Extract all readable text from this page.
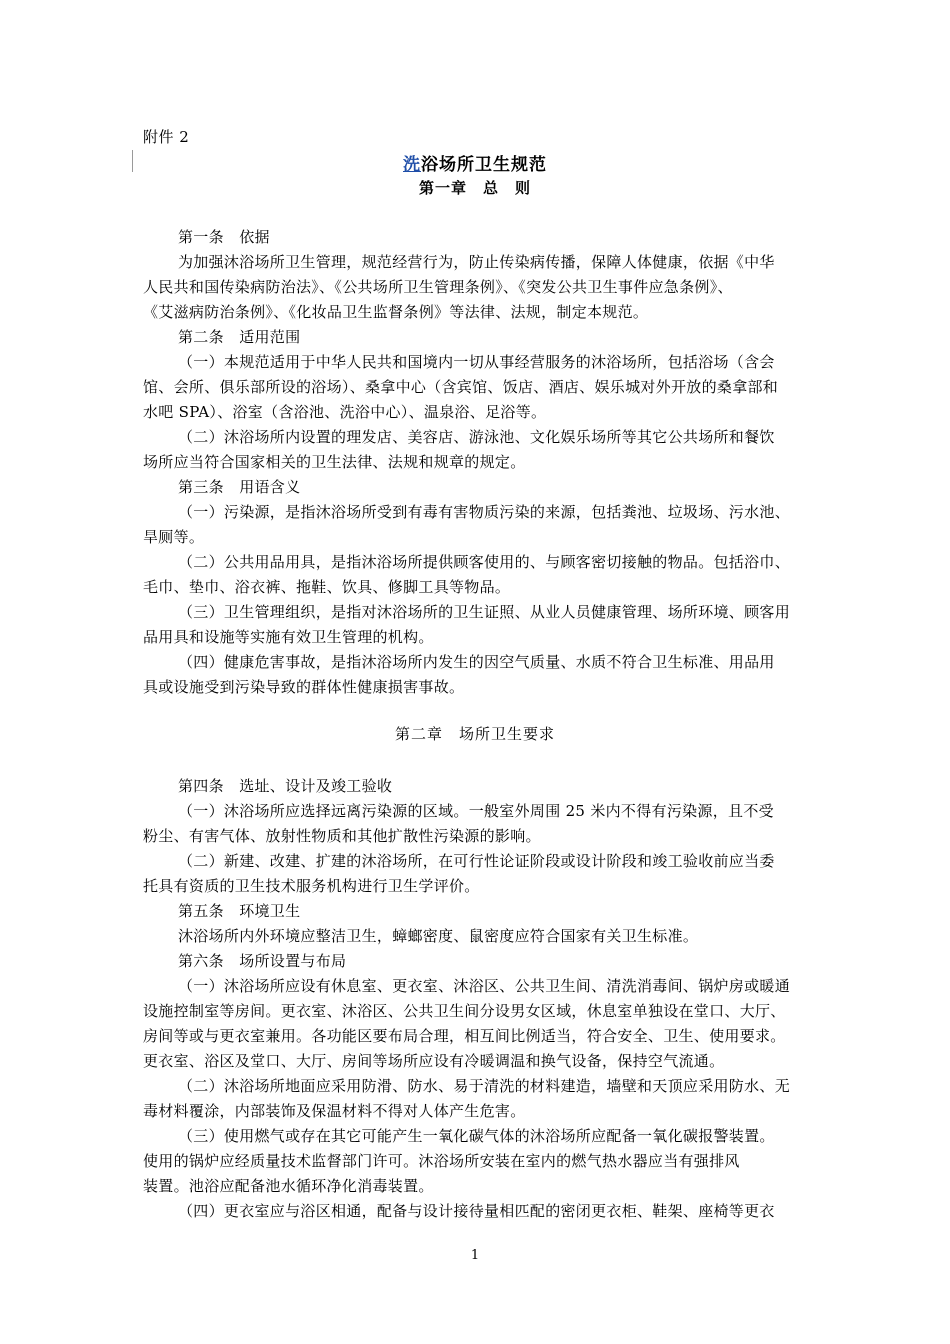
附件 2
洗浴场所卫生规范
第一章　总　则
第一条　依据
为加强沐浴场所卫生管理，规范经营行为，防止传染病传播，保障人体健康，依据《中华
人民共和国传染病防治法》、《公共场所卫生管理条例》、《突发公共卫生事件应急条例》、
《艾滋病防治条例》、《化妆品卫生监督条例》等法律、法规，制定本规范。
第二条　适用范围
（一）本规范适用于中华人民共和国境内一切从事经营服务的沐浴场所，包括浴场（含会
馆、会所、俱乐部所设的浴场）、桑拿中心（含宾馆、饭店、酒店、娱乐城对外开放的桑拿部和
水吧 SPA）、浴室（含浴池、洗浴中心）、温泉浴、足浴等。
（二）沐浴场所内设置的理发店、美容店、游泳池、文化娱乐场所等其它公共场所和餐饮
场所应当符合国家相关的卫生法律、法规和规章的规定。
第三条　用语含义
（一）污染源，是指沐浴场所受到有毒有害物质污染的来源，包括粪池、垃圾场、污水池、
旱厕等。
（二）公共用品用具，是指沐浴场所提供顾客使用的、与顾客密切接触的物品。包括浴巾、
毛巾、垫巾、浴衣裤、拖鞋、饮具、修脚工具等物品。
（三）卫生管理组织，是指对沐浴场所的卫生证照、从业人员健康管理、场所环境、顾客用
品用具和设施等实施有效卫生管理的机构。
（四）健康危害事故，是指沐浴场所内发生的因空气质量、水质不符合卫生标准、用品用
具或设施受到污染导致的群体性健康损害事故。
第二章　场所卫生要求
第四条　选址、设计及竣工验收
（一）沐浴场所应选择远离污染源的区域。一般室外周围 25 米内不得有污染源，且不受
粉尘、有害气体、放射性物质和其他扩散性污染源的影响。
（二）新建、改建、扩建的沐浴场所，在可行性论证阶段或设计阶段和竣工验收前应当委
托具有资质的卫生技术服务机构进行卫生学评价。
第五条　环境卫生
沐浴场所内外环境应整洁卫生，蟑螂密度、鼠密度应符合国家有关卫生标准。
第六条　场所设置与布局
（一）沐浴场所应设有休息室、更衣室、沐浴区、公共卫生间、清洗消毒间、锅炉房或暖通
设施控制室等房间。更衣室、沐浴区、公共卫生间分设男女区域，休息室单独设在堂口、大厅、
房间等或与更衣室兼用。各功能区要布局合理，相互间比例适当，符合安全、卫生、使用要求。
更衣室、浴区及堂口、大厅、房间等场所应设有冷暖调温和换气设备，保持空气流通。
（二）沐浴场所地面应采用防滑、防水、易于清洗的材料建造，墙壁和天顶应采用防水、无
毒材料覆涂，内部装饰及保温材料不得对人体产生危害。
（三）使用燃气或存在其它可能产生一氧化碳气体的沐浴场所应配备一氧化碳报警装置。
使用的锅炉应经质量技术监督部门许可。沐浴场所安装在室内的燃气热水器应当有强排风
装置。池浴应配备池水循环净化消毒装置。
（四）更衣室应与浴区相通，配备与设计接待量相匹配的密闭更衣柜、鞋架、座椅等更衣
1
